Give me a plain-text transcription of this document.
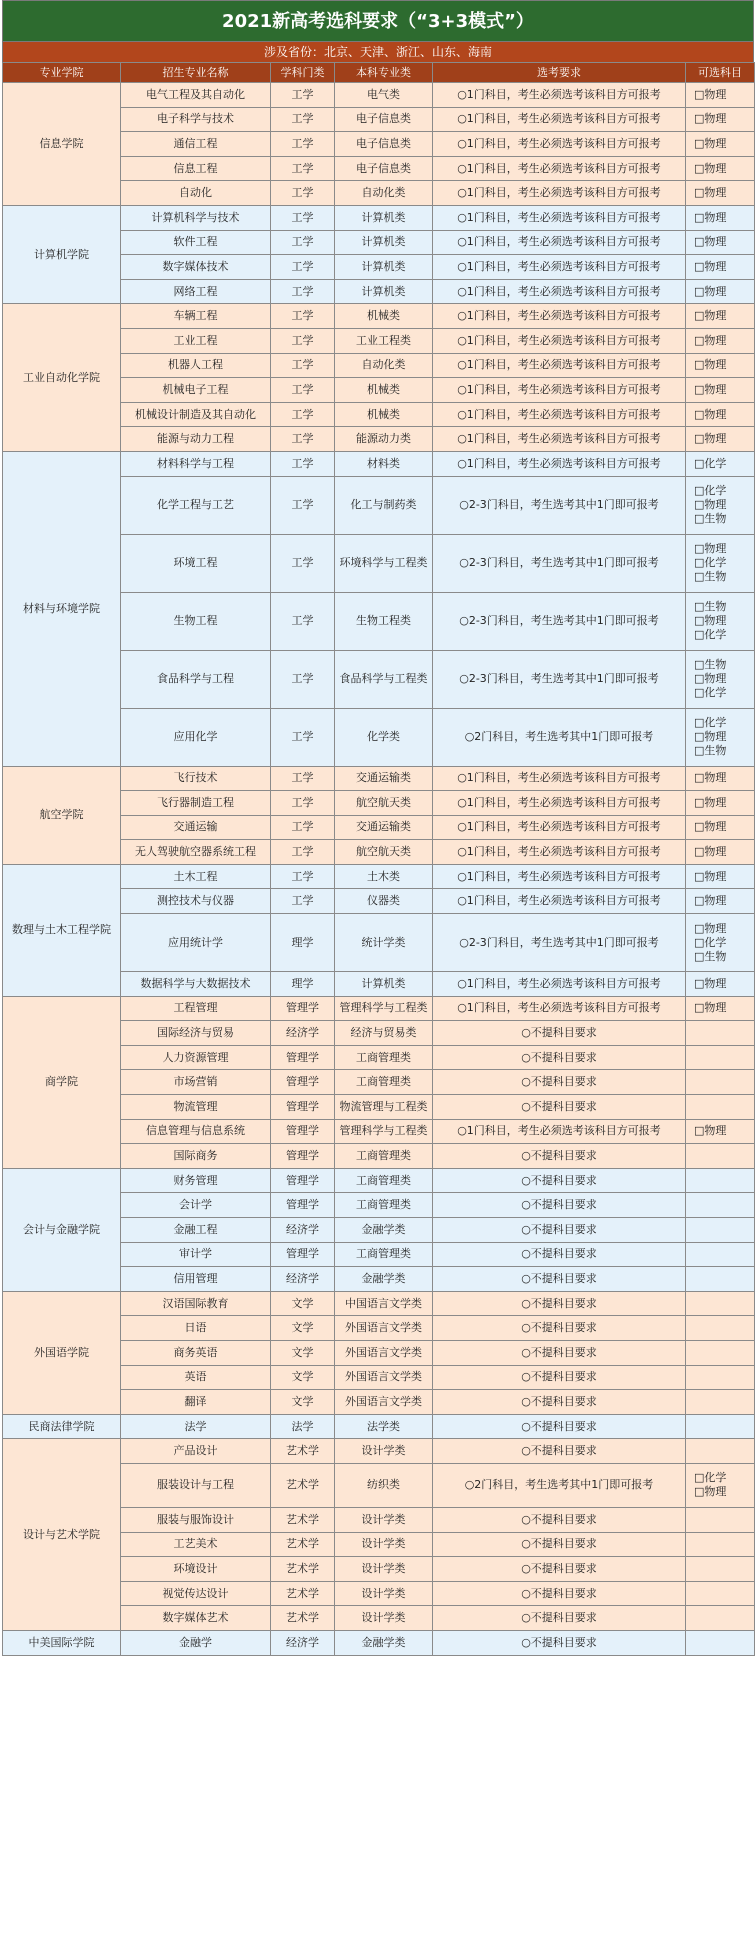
2021新高考选科要求（“3+3模式”）
涉及省份：北京、天津、浙江、山东、海南
专业学院	招生专业名称	学科门类	本科专业类	选考要求	可选科目
信息学院	电气工程及其自动化	工学	电气类	○1门科目，考生必须选考该科目方可报考	□物理

	电子科学与技术	工学	电子信息类	○1门科目，考生必须选考该科目方可报考	□物理

	通信工程	工学	电子信息类	○1门科目，考生必须选考该科目方可报考	□物理

	信息工程	工学	电子信息类	○1门科目，考生必须选考该科目方可报考	□物理

	自动化	工学	自动化类	○1门科目，考生必须选考该科目方可报考	□物理

计算机学院	计算机科学与技术	工学	计算机类	○1门科目，考生必须选考该科目方可报考	□物理

	软件工程	工学	计算机类	○1门科目，考生必须选考该科目方可报考	□物理

	数字媒体技术	工学	计算机类	○1门科目，考生必须选考该科目方可报考	□物理

	网络工程	工学	计算机类	○1门科目，考生必须选考该科目方可报考	□物理

工业自动化学院	车辆工程	工学	机械类	○1门科目，考生必须选考该科目方可报考	□物理

	工业工程	工学	工业工程类	○1门科目，考生必须选考该科目方可报考	□物理

	机器人工程	工学	自动化类	○1门科目，考生必须选考该科目方可报考	□物理

	机械电子工程	工学	机械类	○1门科目，考生必须选考该科目方可报考	□物理

	机械设计制造及其自动化	工学	机械类	○1门科目，考生必须选考该科目方可报考	□物理

	能源与动力工程	工学	能源动力类	○1门科目，考生必须选考该科目方可报考	□物理

材料与环境学院	材料科学与工程	工学	材料类	○1门科目，考生必须选考该科目方可报考	□化学

	化学工程与工艺	工学	化工与制药类	○2-3门科目，考生选考其中1门即可报考	□化学
□物理
□生物

	环境工程	工学	环境科学与工程类	○2-3门科目，考生选考其中1门即可报考	□物理
□化学
□生物

	生物工程	工学	生物工程类	○2-3门科目，考生选考其中1门即可报考	□生物
□物理
□化学

	食品科学与工程	工学	食品科学与工程类	○2-3门科目，考生选考其中1门即可报考	□生物
□物理
□化学

	应用化学	工学	化学类	○2门科目，考生选考其中1门即可报考	□化学
□物理
□生物

航空学院	飞行技术	工学	交通运输类	○1门科目，考生必须选考该科目方可报考	□物理

	飞行器制造工程	工学	航空航天类	○1门科目，考生必须选考该科目方可报考	□物理

	交通运输	工学	交通运输类	○1门科目，考生必须选考该科目方可报考	□物理

	无人驾驶航空器系统工程	工学	航空航天类	○1门科目，考生必须选考该科目方可报考	□物理

数理与土木工程学院	土木工程	工学	土木类	○1门科目，考生必须选考该科目方可报考	□物理

	测控技术与仪器	工学	仪器类	○1门科目，考生必须选考该科目方可报考	□物理

	应用统计学	理学	统计学类	○2-3门科目，考生选考其中1门即可报考	□物理
□化学
□生物

	数据科学与大数据技术	理学	计算机类	○1门科目，考生必须选考该科目方可报考	□物理

商学院	工程管理	管理学	管理科学与工程类	○1门科目，考生必须选考该科目方可报考	□物理

	国际经济与贸易	经济学	经济与贸易类	○不提科目要求	
	人力资源管理	管理学	工商管理类	○不提科目要求	
	市场营销	管理学	工商管理类	○不提科目要求	
	物流管理	管理学	物流管理与工程类	○不提科目要求	
	信息管理与信息系统	管理学	管理科学与工程类	○1门科目，考生必须选考该科目方可报考	□物理

	国际商务	管理学	工商管理类	○不提科目要求	
会计与金融学院	财务管理	管理学	工商管理类	○不提科目要求	
	会计学	管理学	工商管理类	○不提科目要求	
	金融工程	经济学	金融学类	○不提科目要求	
	审计学	管理学	工商管理类	○不提科目要求	
	信用管理	经济学	金融学类	○不提科目要求	
外国语学院	汉语国际教育	文学	中国语言文学类	○不提科目要求	
	日语	文学	外国语言文学类	○不提科目要求	
	商务英语	文学	外国语言文学类	○不提科目要求	
	英语	文学	外国语言文学类	○不提科目要求	
	翻译	文学	外国语言文学类	○不提科目要求	
民商法律学院	法学	法学	法学类	○不提科目要求	
设计与艺术学院	产品设计	艺术学	设计学类	○不提科目要求	
	服装设计与工程	艺术学	纺织类	○2门科目，考生选考其中1门即可报考	□化学
□物理

	服装与服饰设计	艺术学	设计学类	○不提科目要求	
	工艺美术	艺术学	设计学类	○不提科目要求	
	环境设计	艺术学	设计学类	○不提科目要求	
	视觉传达设计	艺术学	设计学类	○不提科目要求	
	数字媒体艺术	艺术学	设计学类	○不提科目要求	
中美国际学院	金融学	经济学	金融学类	○不提科目要求	
